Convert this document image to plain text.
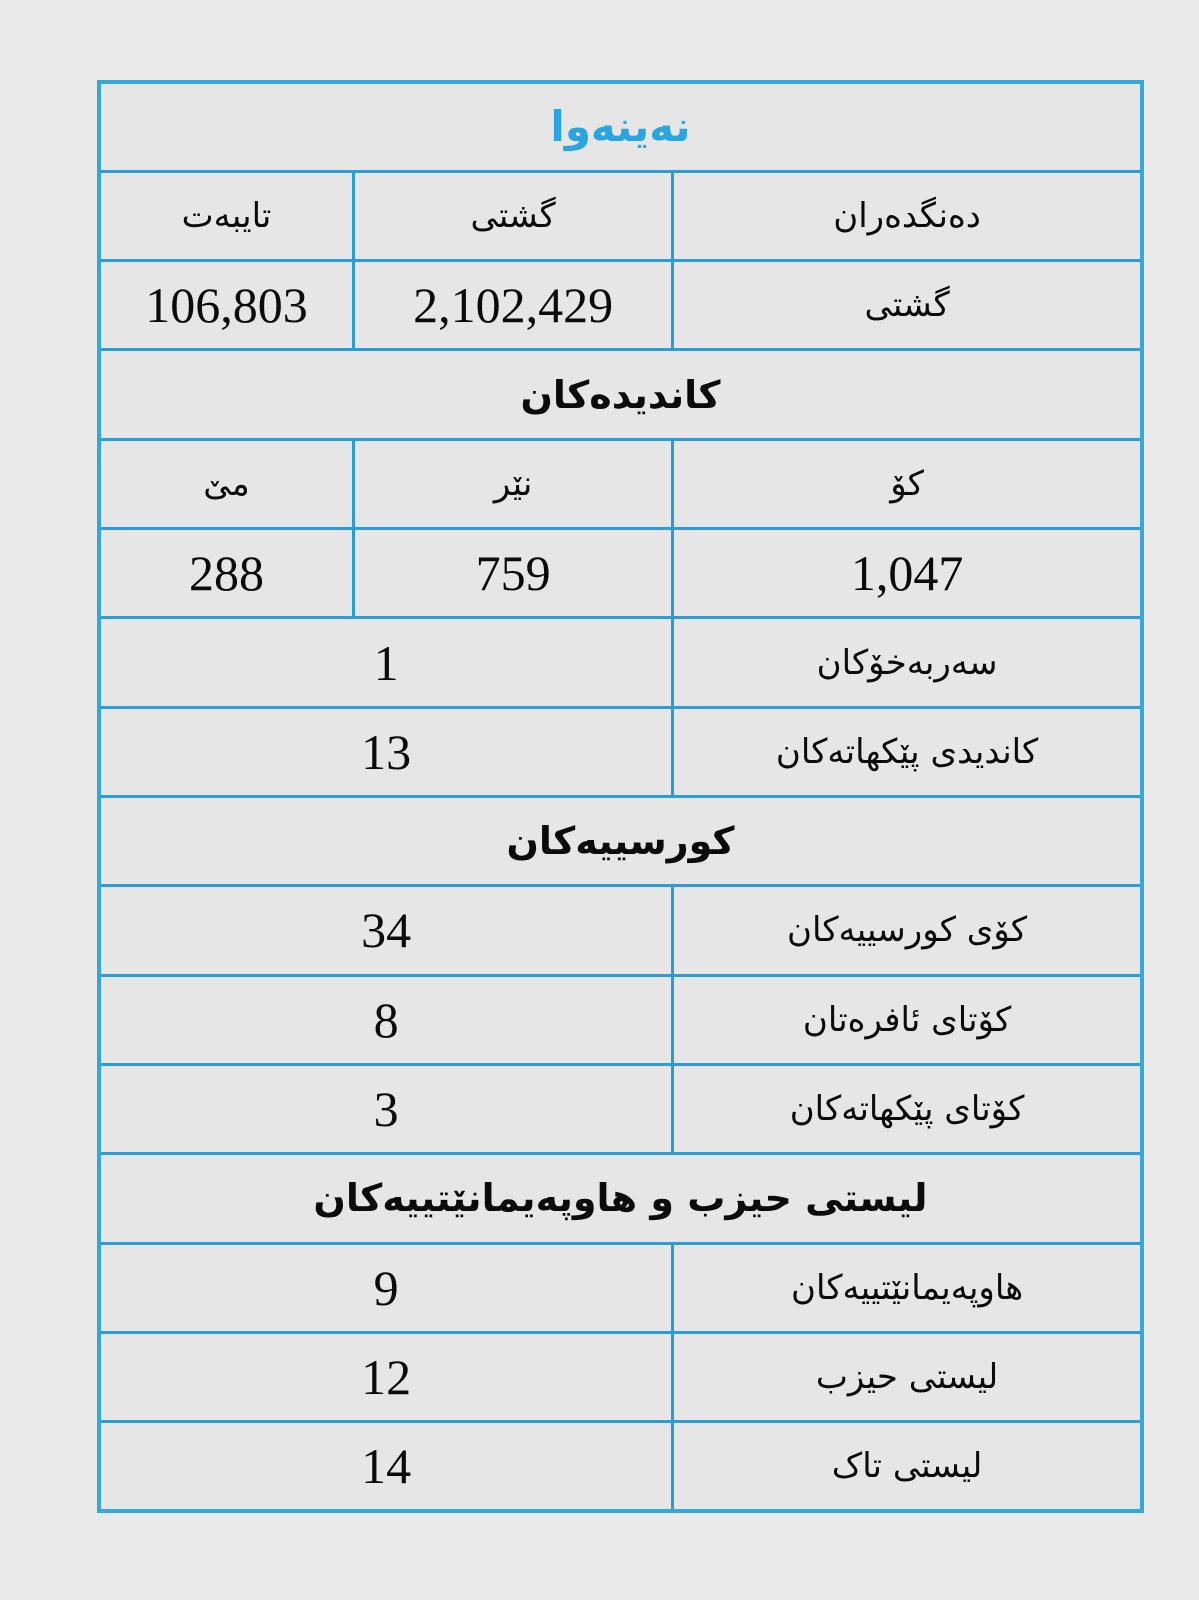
نەینەوا		
دەنگدەران	گشتی	تایبەت
گشتی	2,102,429	106,803
کاندیدەکان		
کۆ	نێر	مێ
1,047	759	288
سەربەخۆکان	1	
کاندیدی پێکهاتەکان	13	
کورسییەکان		
کۆی کورسییەکان	34	
کۆتای ئافرەتان	8	
کۆتای پێکهاتەکان	3	
لیستی حیزب و هاوپەیمانێتییەکان		
هاوپەیمانێتییەکان	9	
لیستی حیزب	12	
لیستی تاک	14	
